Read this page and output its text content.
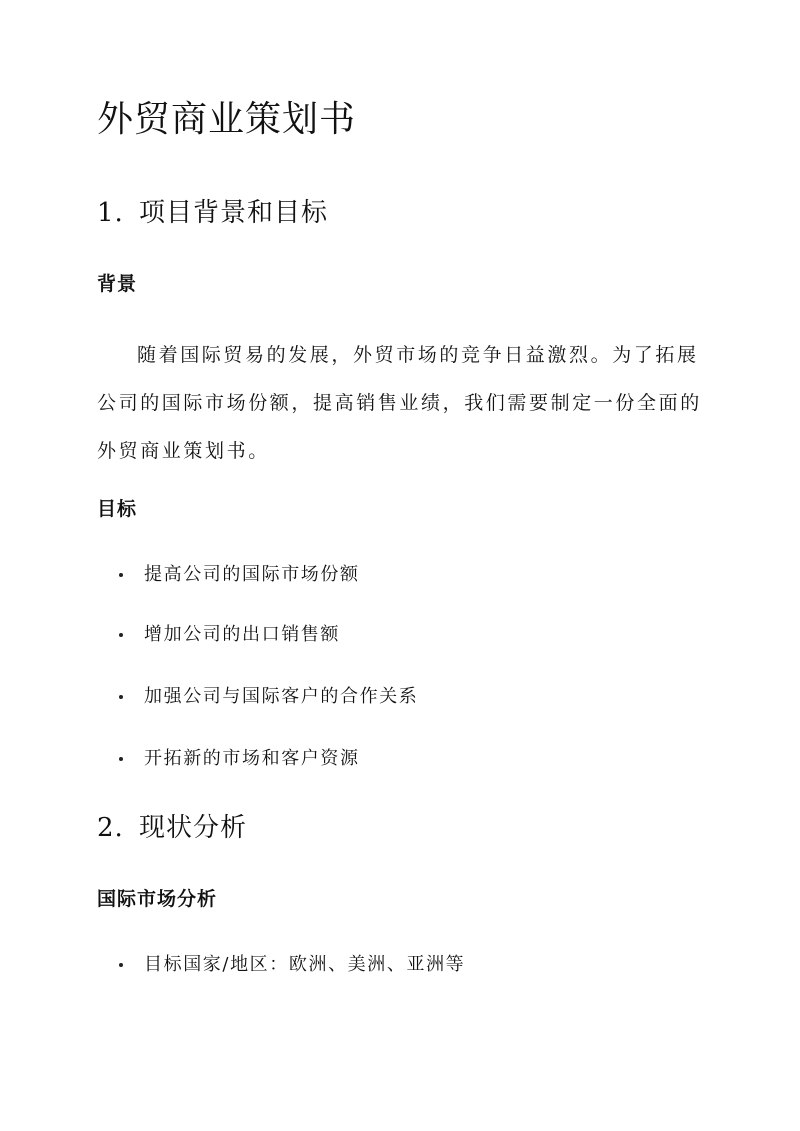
外贸商业策划书
1. 项目背景和目标
背景

随着国际贸易的发展，外贸市场的竞争日益激烈。为了拓展公司的国际市场份额，提高销售业绩，我们需要制定一份全面的外贸商业策划书。

目标
提高公司的国际市场份额
增加公司的出口销售额
加强公司与国际客户的合作关系
开拓新的市场和客户资源
2. 现状分析
国际市场分析
目标国家/地区：欧洲、美洲、亚洲等
